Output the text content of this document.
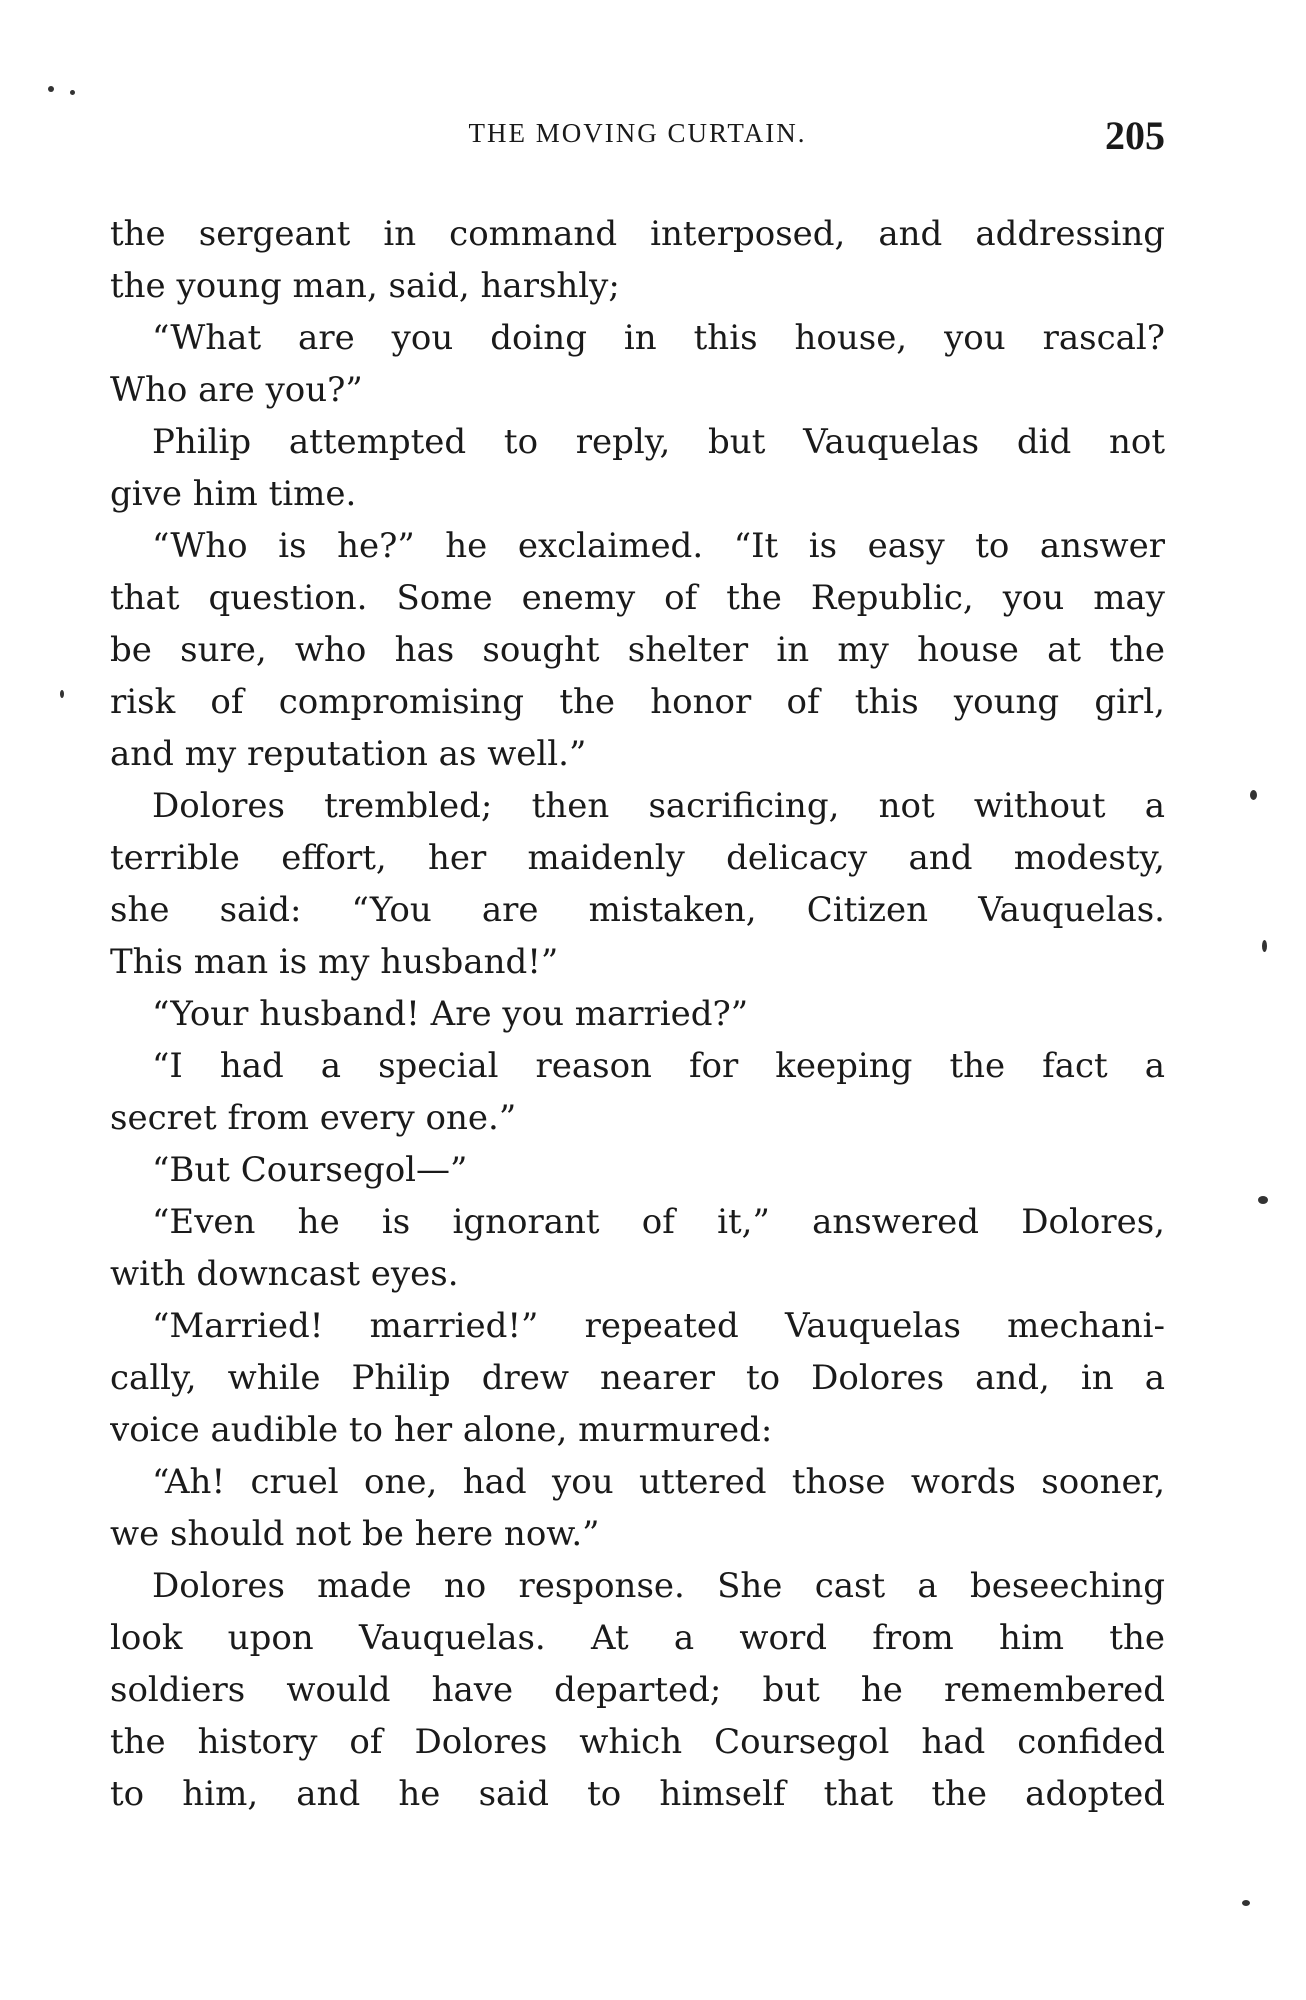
THE MOVING CURTAIN.	205
the sergeant in command interposed, and addressing
the young man, said, harshly;
“What are you doing in this house, you rascal?
Who are you?”
Philip attempted to reply, but Vauquelas did not
give him time.
“Who is he?” he exclaimed. “It is easy to answer
that question. Some enemy of the Republic, you may
be sure, who has sought shelter in my house at the
risk of compromising the honor of this young girl,
and my reputation as well.”
Dolores trembled; then sacrificing, not without a
terrible effort, her maidenly delicacy and modesty,
she said: “You are mistaken, Citizen Vauquelas.
This man is my husband!”
“Your husband! Are you married?”
“I had a special reason for keeping the fact a
secret from every one.”
“But Coursegol—”
“Even he is ignorant of it,” answered Dolores,
with downcast eyes.
“Married! married!” repeated Vauquelas mechani-
cally, while Philip drew nearer to Dolores and, in a
voice audible to her alone, murmured:
“Ah! cruel one, had you uttered those words sooner,
we should not be here now.”
Dolores made no response. She cast a beseeching
look upon Vauquelas. At a word from him the
soldiers would have departed; but he remembered
the history of Dolores which Coursegol had confided
to him, and he said to himself that the adopted
